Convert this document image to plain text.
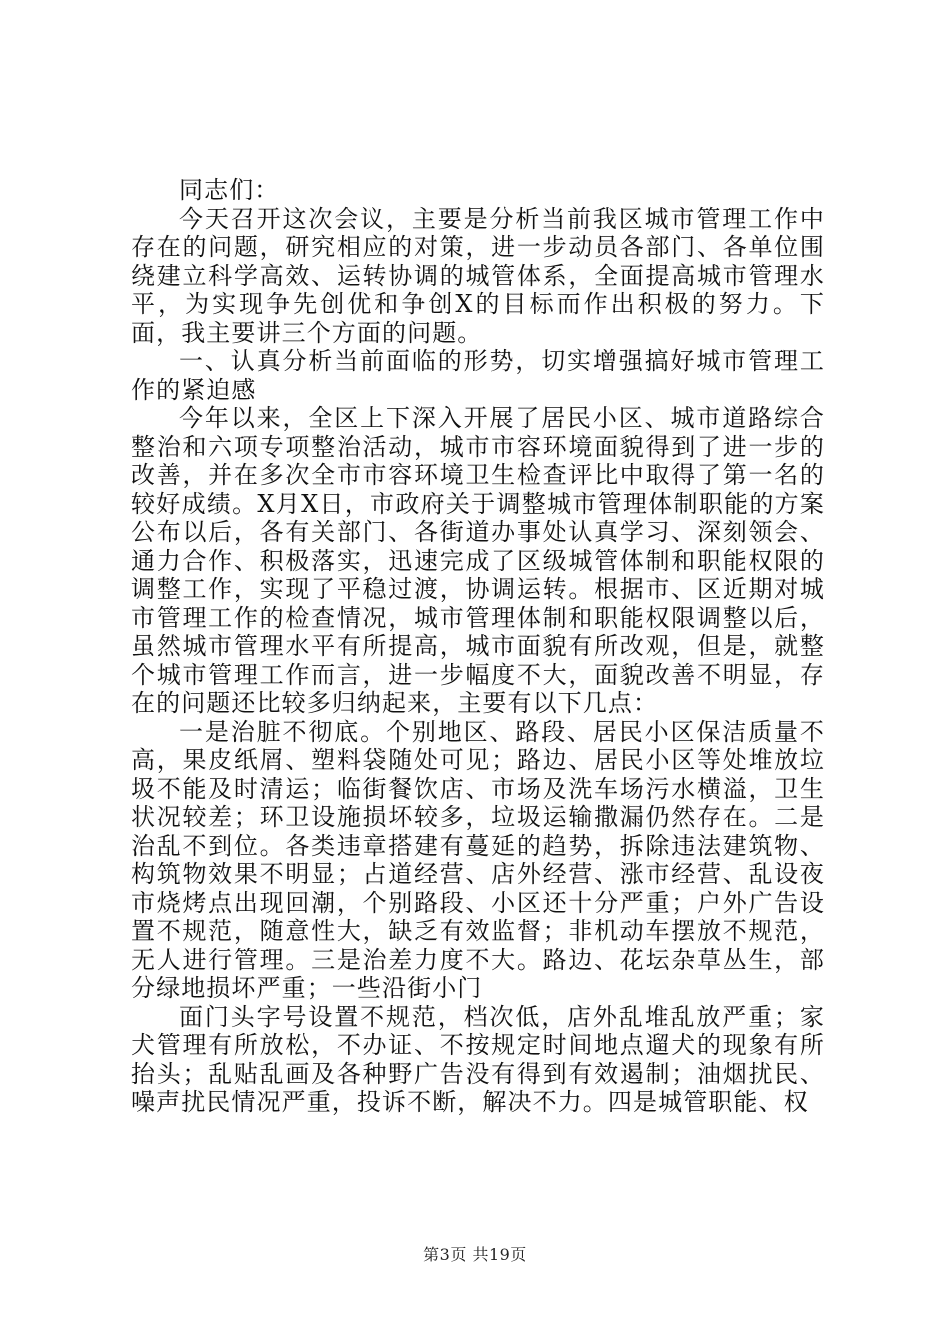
同志们：

今天召开这次会议，主要是分析当前我区城市管理工作中存在的问题，研究相应的对策，进一步动员各部门、各单位围绕建立科学高效、运转协调的城管体系，全面提高城市管理水平，为实现争先创优和争创X的目标而作出积极的努力。下面，我主要讲三个方面的问题。

一、认真分析当前面临的形势，切实增强搞好城市管理工作的紧迫感

今年以来，全区上下深入开展了居民小区、城市道路综合整治和六项专项整治活动，城市市容环境面貌得到了进一步的改善，并在多次全市市容环境卫生检查评比中取得了第一名的较好成绩。X月X日，市政府关于调整城市管理体制职能的方案公布以后，各有关部门、各街道办事处认真学习、深刻领会、通力合作、积极落实，迅速完成了区级城管体制和职能权限的调整工作，实现了平稳过渡，协调运转。根据市、区近期对城市管理工作的检查情况，城市管理体制和职能权限调整以后，虽然城市管理水平有所提高，城市面貌有所改观，但是，就整个城市管理工作而言，进一步幅度不大，面貌改善不明显，存在的问题还比较多归纳起来，主要有以下几点：

一是治脏不彻底。个别地区、路段、居民小区保洁质量不高，果皮纸屑、塑料袋随处可见；路边、居民小区等处堆放垃圾不能及时清运；临街餐饮店、市场及洗车场污水横溢，卫生状况较差；环卫设施损坏较多，垃圾运输撒漏仍然存在。二是治乱不到位。各类违章搭建有蔓延的趋势，拆除违法建筑物、构筑物效果不明显；占道经营、店外经营、涨市经营、乱设夜市烧烤点出现回潮，个别路段、小区还十分严重；户外广告设置不规范，随意性大，缺乏有效监督；非机动车摆放不规范，无人进行管理。三是治差力度不大。路边、花坛杂草丛生，部分绿地损坏严重；一些沿街小门

面门头字号设置不规范，档次低，店外乱堆乱放严重；家犬管理有所放松，不办证、不按规定时间地点遛犬的现象有所抬头；乱贴乱画及各种野广告没有得到有效遏制；油烟扰民、噪声扰民情况严重，投诉不断，解决不力。四是城管职能、权

第3页 共19页
